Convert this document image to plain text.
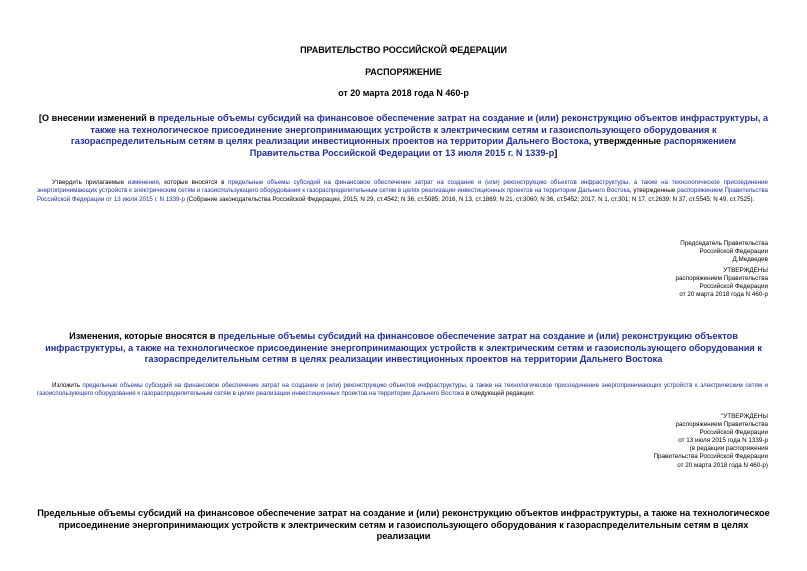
ПРАВИТЕЛЬСТВО РОССИЙСКОЙ ФЕДЕРАЦИИ
РАСПОРЯЖЕНИЕ
от 20 марта 2018 года N 460-р
[О внесении изменений в предельные объемы субсидий на финансовое обеспечение затрат на создание и (или) реконструкцию объектов инфраструктуры, а также на технологическое присоединение энергопринимающих устройств к электрическим сетям и газоиспользующего оборудования к газораспределительным сетям в целях реализации инвестиционных проектов на территории Дальнего Востока, утвержденные распоряжением Правительства Российской Федерации от 13 июля 2015 г. N 1339-р]
Утвердить прилагаемые изменения, которые вносятся в предельные объемы субсидий на финансовое обеспечение затрат на создание и (или) реконструкцию объектов инфраструктуры, а также на технологическое присоединение энергопринимающих устройств к электрическим сетям и газоиспользующего оборудования к газораспределительным сетям в целях реализации инвестиционных проектов на территории Дальнего Востока, утвержденные распоряжением Правительства Российской Федерации от 13 июля 2015 г. N 1339-р (Собрание законодательства Российской Федерации, 2015, N 29, ст.4542; N 36, ст.5085; 2016, N 13, ст.1869; N 21, ст.3060; N 36, ст.5452; 2017, N 1, ст.301; N 17, ст.2639; N 37, ст.5545; N 49, ст.7525).
Председатель Правительства
Российской Федерации
Д.Медведев
УТВЕРЖДЕНЫ
распоряжением Правительства
Российской Федерации
от 20 марта 2018 года N 460-р
Изменения, которые вносятся в предельные объемы субсидий на финансовое обеспечение затрат на создание и (или) реконструкцию объектов инфраструктуры, а также на технологическое присоединение энергопринимающих устройств к электрическим сетям и газоиспользующего оборудования к газораспределительным сетям в целях реализации инвестиционных проектов на территории Дальнего Востока
Изложить предельные объемы субсидий на финансовое обеспечение затрат на создание и (или) реконструкцию объектов инфраструктуры, а также на технологическое присоединение энергопринимающих устройств к электрическим сетям и газоиспользующего оборудования к газораспределительным сетям в целях реализации инвестиционных проектов на территории Дальнего Востока в следующей редакции:
"УТВЕРЖДЕНЫ
распоряжением Правительства
Российской Федерации
от 13 июля 2015 года N 1339-р
(в редакции распоряжения
Правительства Российской Федерации
от 20 марта 2018 года N 460-р)
Предельные объемы субсидий на финансовое обеспечение затрат на создание и (или) реконструкцию объектов инфраструктуры, а также на технологическое присоединение энергопринимающих устройств к электрическим сетям и газоиспользующего оборудования к газораспределительным сетям в целях реализации
